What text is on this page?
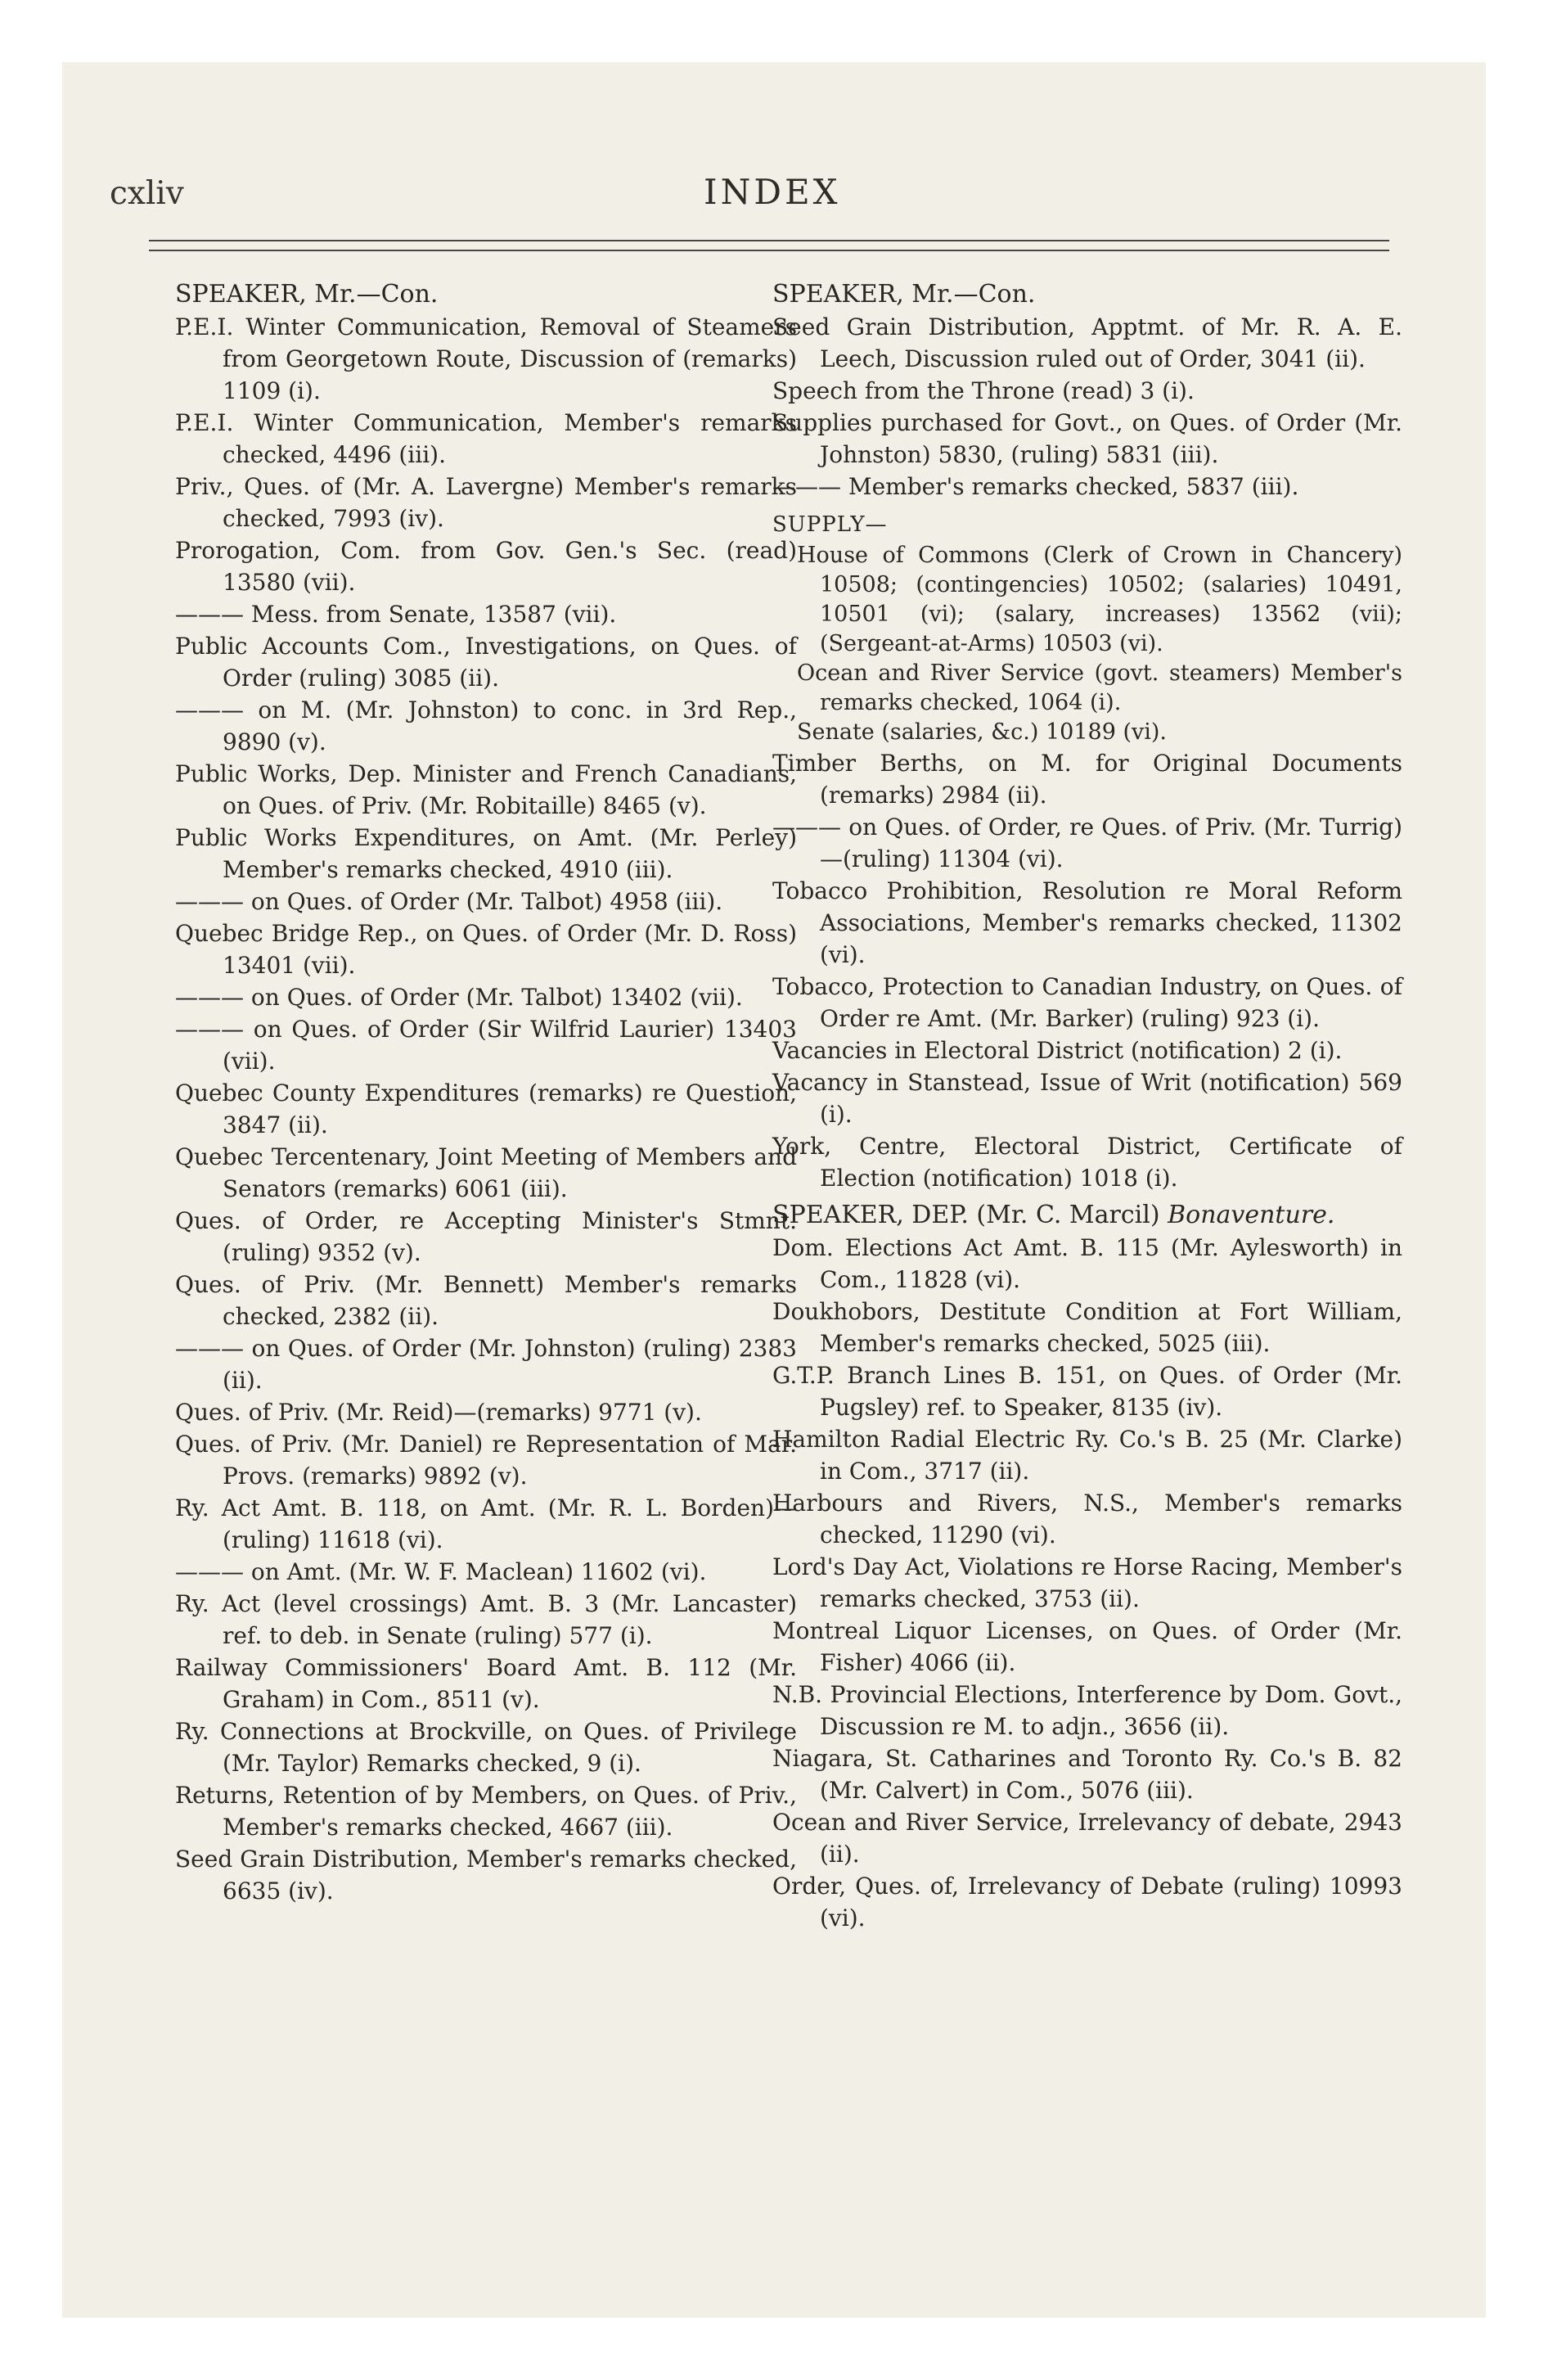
cxliv	INDEX

SPEAKER, Mr.—Con.

P.E.I. Winter Communication, Removal of Steamers from Georgetown Route, Discussion of (remarks) 1109 (i).

P.E.I. Winter Communication, Member's remarks checked, 4496 (iii).

Priv., Ques. of (Mr. A. Lavergne) Member's remarks checked, 7993 (iv).

Prorogation, Com. from Gov. Gen.'s Sec. (read) 13580 (vii).

——— Mess. from Senate, 13587 (vii).

Public Accounts Com., Investigations, on Ques. of Order (ruling) 3085 (ii).

——— on M. (Mr. Johnston) to conc. in 3rd Rep., 9890 (v).

Public Works, Dep. Minister and French Canadians, on Ques. of Priv. (Mr. Robitaille) 8465 (v).

Public Works Expenditures, on Amt. (Mr. Perley) Member's remarks checked, 4910 (iii).

——— on Ques. of Order (Mr. Talbot) 4958 (iii).

Quebec Bridge Rep., on Ques. of Order (Mr. D. Ross) 13401 (vii).

——— on Ques. of Order (Mr. Talbot) 13402 (vii).

——— on Ques. of Order (Sir Wilfrid Laurier) 13403 (vii).

Quebec County Expenditures (remarks) re Question, 3847 (ii).

Quebec Tercentenary, Joint Meeting of Members and Senators (remarks) 6061 (iii).

Ques. of Order, re Accepting Minister's Stmnt. (ruling) 9352 (v).

Ques. of Priv. (Mr. Bennett) Member's remarks checked, 2382 (ii).

——— on Ques. of Order (Mr. Johnston) (ruling) 2383 (ii).

Ques. of Priv. (Mr. Reid)—(remarks) 9771 (v).

Ques. of Priv. (Mr. Daniel) re Representation of Mar. Provs. (remarks) 9892 (v).

Ry. Act Amt. B. 118, on Amt. (Mr. R. L. Borden)—(ruling) 11618 (vi).

——— on Amt. (Mr. W. F. Maclean) 11602 (vi).

Ry. Act (level crossings) Amt. B. 3 (Mr. Lancaster) ref. to deb. in Senate (ruling) 577 (i).

Railway Commissioners' Board Amt. B. 112 (Mr. Graham) in Com., 8511 (v).

Ry. Connections at Brockville, on Ques. of Privilege (Mr. Taylor) Remarks checked, 9 (i).

Returns, Retention of by Members, on Ques. of Priv., Member's remarks checked, 4667 (iii).

Seed Grain Distribution, Member's remarks checked, 6635 (iv).

SPEAKER, Mr.—Con.

Seed Grain Distribution, Apptmt. of Mr. R. A. E. Leech, Discussion ruled out of Order, 3041 (ii).

Speech from the Throne (read) 3 (i).

Supplies purchased for Govt., on Ques. of Order (Mr. Johnston) 5830, (ruling) 5831 (iii).

——— Member's remarks checked, 5837 (iii).

SUPPLY—

House of Commons (Clerk of Crown in Chancery) 10508; (contingencies) 10502; (salaries) 10491, 10501 (vi); (salary, increases) 13562 (vii); (Sergeant-at-Arms) 10503 (vi).

Ocean and River Service (govt. steamers) Member's remarks checked, 1064 (i).

Senate (salaries, &c.) 10189 (vi).

Timber Berths, on M. for Original Documents (remarks) 2984 (ii).

——— on Ques. of Order, re Ques. of Priv. (Mr. Turrig)—(ruling) 11304 (vi).

Tobacco Prohibition, Resolution re Moral Reform Associations, Member's remarks checked, 11302 (vi).

Tobacco, Protection to Canadian Industry, on Ques. of Order re Amt. (Mr. Barker) (ruling) 923 (i).

Vacancies in Electoral District (notification) 2 (i).

Vacancy in Stanstead, Issue of Writ (notification) 569 (i).

York, Centre, Electoral District, Certificate of Election (notification) 1018 (i).

SPEAKER, DEP. (Mr. C. Marcil) Bonaventure.

Dom. Elections Act Amt. B. 115 (Mr. Aylesworth) in Com., 11828 (vi).

Doukhobors, Destitute Condition at Fort William, Member's remarks checked, 5025 (iii).

G.T.P. Branch Lines B. 151, on Ques. of Order (Mr. Pugsley) ref. to Speaker, 8135 (iv).

Hamilton Radial Electric Ry. Co.'s B. 25 (Mr. Clarke) in Com., 3717 (ii).

Harbours and Rivers, N.S., Member's remarks checked, 11290 (vi).

Lord's Day Act, Violations re Horse Racing, Member's remarks checked, 3753 (ii).

Montreal Liquor Licenses, on Ques. of Order (Mr. Fisher) 4066 (ii).

N.B. Provincial Elections, Interference by Dom. Govt., Discussion re M. to adjn., 3656 (ii).

Niagara, St. Catharines and Toronto Ry. Co.'s B. 82 (Mr. Calvert) in Com., 5076 (iii).

Ocean and River Service, Irrelevancy of debate, 2943 (ii).

Order, Ques. of, Irrelevancy of Debate (ruling) 10993 (vi).
